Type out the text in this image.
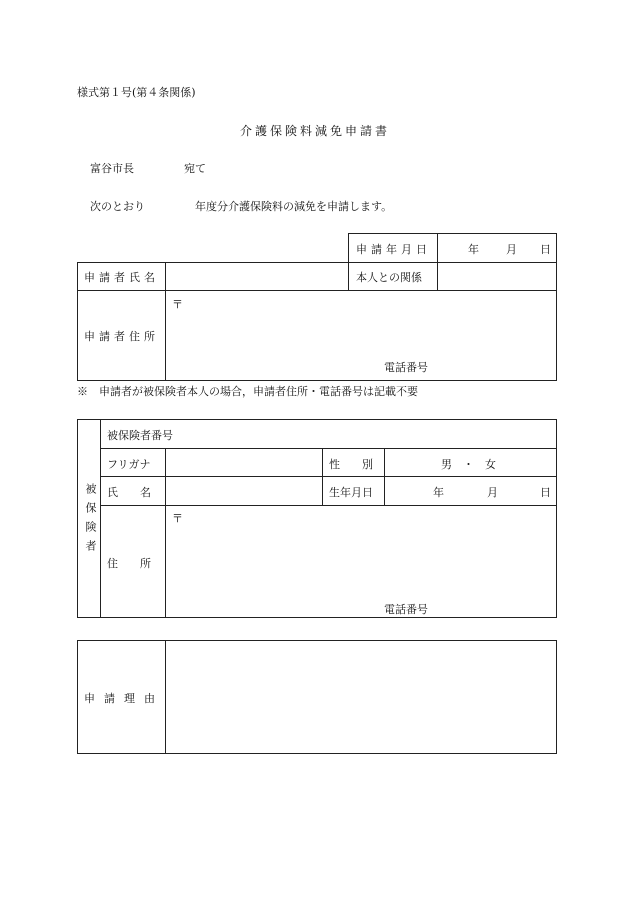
様式第１号(第４条関係)
介護保険料減免申請書
富谷市長	宛て
次のとおり	年度分介護保険料の減免を申請します。
申請年月日	年 月 日
申請者氏名	本人との関係
申請者住所
〒
電話番号
※　申請者が被保険者本人の場合，申請者住所・電話番号は記載不要
被保険者
被保険者番号
フリガナ	性　　別	男　・　女
氏　　名	生年月日	年	月	日
住　　所
〒
電話番号
申請理由
